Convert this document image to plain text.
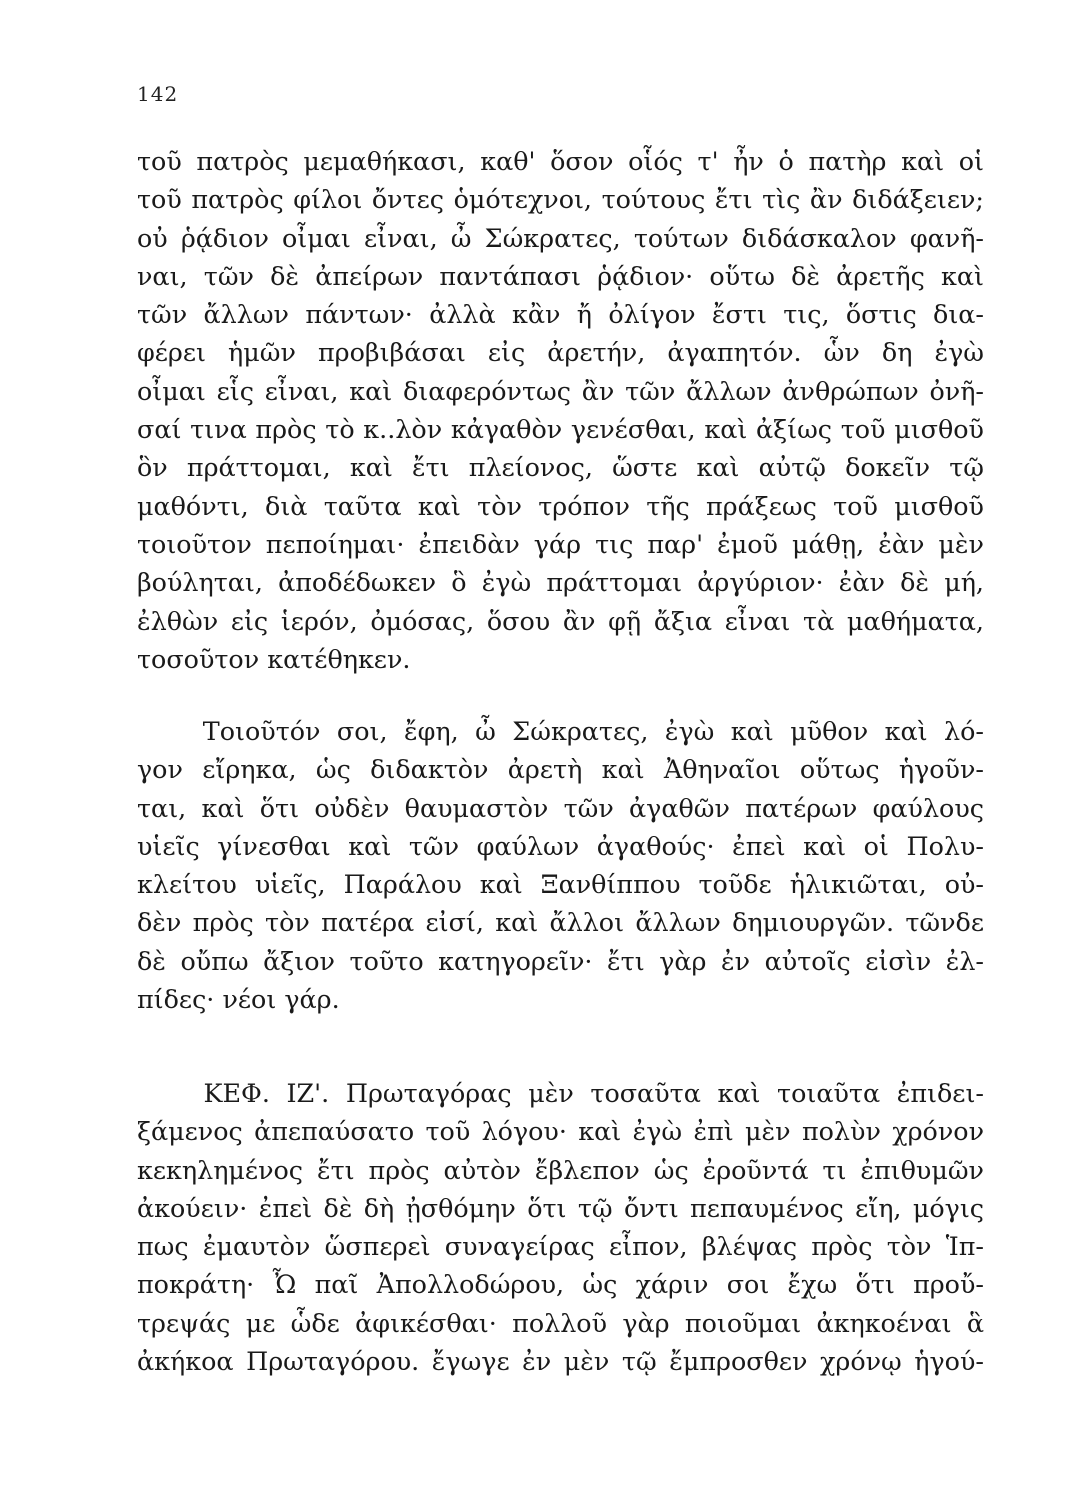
142
τοῦ πατρὸς μεμαθήκασι, καθ' ὅσον οἷός τ' ἦν ὁ πατὴρ καὶ οἱ
τοῦ πατρὸς φίλοι ὄντες ὁμότεχνοι, τούτους ἔτι τὶς ἂν διδάξειεν;
οὐ ῥᾴδιον οἶμαι εἶναι, ὦ Σώκρατες, τούτων διδάσκαλον φανῆ-
ναι, τῶν δὲ ἀπείρων παντάπασι ῥᾴδιον· οὕτω δὲ ἀρετῆς καὶ
τῶν ἄλλων πάντων· ἀλλὰ κἂν ἤ ὀλίγον ἔστι τις, ὅστις δια-
φέρει ἡμῶν προβιβάσαι εἰς ἀρετήν, ἀγαπητόν. ὧν δη ἐγὼ
οἶμαι εἷς εἶναι, καὶ διαφερόντως ἂν τῶν ἄλλων ἀνθρώπων ὀνῆ-
σαί τινα πρὸς τὸ κ..λὸν κἀγαθὸν γενέσθαι, καὶ ἀξίως τοῦ μισθοῦ
ὃν πράττομαι, καὶ ἔτι πλείονος, ὥστε καὶ αὐτῷ δοκεῖν τῷ
μαθόντι, διὰ ταῦτα καὶ τὸν τρόπον τῆς πράξεως τοῦ μισθοῦ
τοιοῦτον πεποίημαι· ἐπειδὰν γάρ τις παρ' ἐμοῦ μάθῃ, ἐὰν μὲν
βούληται, ἀποδέδωκεν ὃ ἐγὼ πράττομαι ἀργύριον· ἐὰν δὲ μή,
ἐλθὼν εἰς ἱερόν, ὀμόσας, ὅσου ἂν φῇ ἄξια εἶναι τὰ μαθήματα,
τοσοῦτον κατέθηκεν.
Τοιοῦτόν σοι, ἔφη, ὦ Σώκρατες, ἐγὼ καὶ μῦθον καὶ λό-
γον εἴρηκα, ὡς διδακτὸν ἀρετὴ καὶ Ἀθηναῖοι οὕτως ἡγοῦν-
ται, καὶ ὅτι οὐδὲν θαυμαστὸν τῶν ἀγαθῶν πατέρων φαύλους
υἱεῖς γίνεσθαι καὶ τῶν φαύλων ἀγαθούς· ἐπεὶ καὶ οἱ Πολυ-
κλείτου υἱεῖς, Παράλου καὶ Ξανθίππου τοῦδε ἡλικιῶται, οὐ-
δὲν πρὸς τὸν πατέρα εἰσί, καὶ ἄλλοι ἄλλων δημιουργῶν. τῶνδε
δὲ οὔπω ἄξιον τοῦτο κατηγορεῖν· ἔτι γὰρ ἐν αὐτοῖς εἰσὶν ἐλ-
πίδες· νέοι γάρ.
ΚΕΦ. ΙΖ'. Πρωταγόρας μὲν τοσαῦτα καὶ τοιαῦτα ἐπιδει-
ξάμενος ἀπεπαύσατο τοῦ λόγου· καὶ ἐγὼ ἐπὶ μὲν πολὺν χρόνον
κεκηλημένος ἔτι πρὸς αὐτὸν ἔβλεπον ὡς ἐροῦντά τι ἐπιθυμῶν
ἀκούειν· ἐπεὶ δὲ δὴ ᾐσθόμην ὅτι τῷ ὄντι πεπαυμένος εἴη, μόγις
πως ἐμαυτὸν ὥσπερεὶ συναγείρας εἶπον, βλέψας πρὸς τὸν Ἱπ-
ποκράτη· Ὦ παῖ Ἀπολλοδώρου, ὡς χάριν σοι ἔχω ὅτι προὔ-
τρεψάς με ὧδε ἀφικέσθαι· πολλοῦ γὰρ ποιοῦμαι ἀκηκοέναι ἃ
ἀκήκοα Πρωταγόρου. ἔγωγε ἐν μὲν τῷ ἔμπροσθεν χρόνῳ ἡγού-
